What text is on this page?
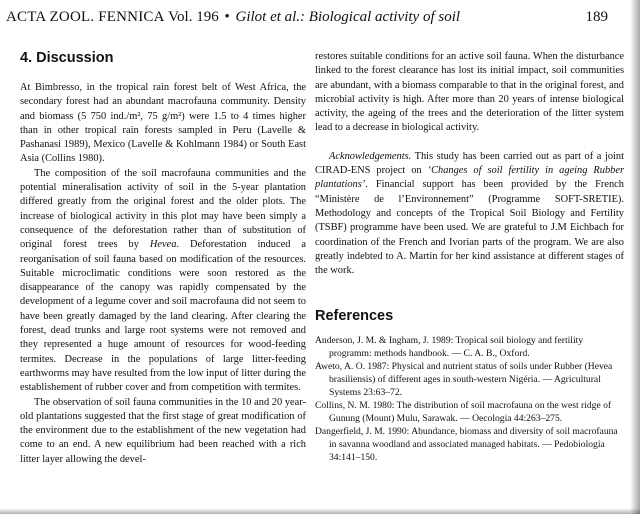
ACTA ZOOL. FENNICA Vol. 196 • Gilot et al.: Biological activity of soil	189
4. Discussion

At Bimbresso, in the tropical rain forest belt of West Africa, the secondary forest had an abundant macrofauna community. Density and biomass (5 750 ind./m², 75 g/m²) were 1.5 to 4 times higher than in other tropical rain forests sampled in Peru (Lavelle & Pashanasi 1989), Mexico (Lavelle & Kohlmann 1984) or South East Asia (Collins 1980).

The composition of the soil macrofauna communities and the potential mineralisation activity of soil in the 5-year plantation differed greatly from the original forest and the older plots. The increase of biological activity in this plot may have been simply a consequence of the deforestation rather than of substitution of original forest trees by Hevea. Deforestation induced a reorganisation of soil fauna based on modification of the resources. Suitable microclimatic conditions were soon restored as the disappearance of the canopy was rapidly compensated by the development of a legume cover and soil macrofauna did not seem to have been greatly damaged by the land clearing. After clearing the forest, dead trunks and large root systems were not removed and they represented a huge amount of resources for wood-feeding termites. Decrease in the populations of large litter-feeding earthworms may have resulted from the low input of litter during the establishement of rubber cover and from competition with termites.

The observation of soil fauna communities in the 10 and 20 year-old plantations suggested that the first stage of great modification of the environment due to the establishment of the new vegetation had come to an end. A new equilibrium had been reached with a rich litter layer allowing the devel-

restores suitable conditions for an active soil fauna. When the disturbance linked to the forest clearance has lost its initial impact, soil communities are abundant, with a biomass comparable to that in the original forest, and microbial activity is high. After more than 20 years of intense biological activity, the ageing of the trees and the deterioration of the litter system lead to a decrease in biological activity.

Acknowledgements. This study has been carried out as part of a joint CIRAD-ENS project on ‘Changes of soil fertility in ageing Rubber plantations’. Financial support has been provided by the French “Ministère de l’Environnement” (Programme SOFT-SRETIE). Methodology and concepts of the Tropical Soil Biology and Fertility (TSBF) programme have been used. We are grateful to J.M Eichbach for coordination of the French and Ivorian parts of the program. We are also greatly indebted to A. Martin for her kind assistance at different stages of the work.

References

Anderson, J. M. & Ingham, J. 1989: Tropical soil biology and fertility programm: methods handbook. — C. A. B., Oxford.

Aweto, A. O. 1987: Physical and nutrient status of soils under Rubber (Hevea brasiliensis) of different ages in south-western Nigéria. — Agricultural Systems 23:63–72.

Collins, N. M. 1980: The distribution of soil macrofauna on the west ridge of Gunung (Mount) Mulu, Sarawak. — Oecologia 44:263–275.

Dangerfield, J. M. 1990: Abundance, biomass and diversity of soil macrofauna in savanna woodland and associated managed habitats. — Pedobiologia 34:141–150.
